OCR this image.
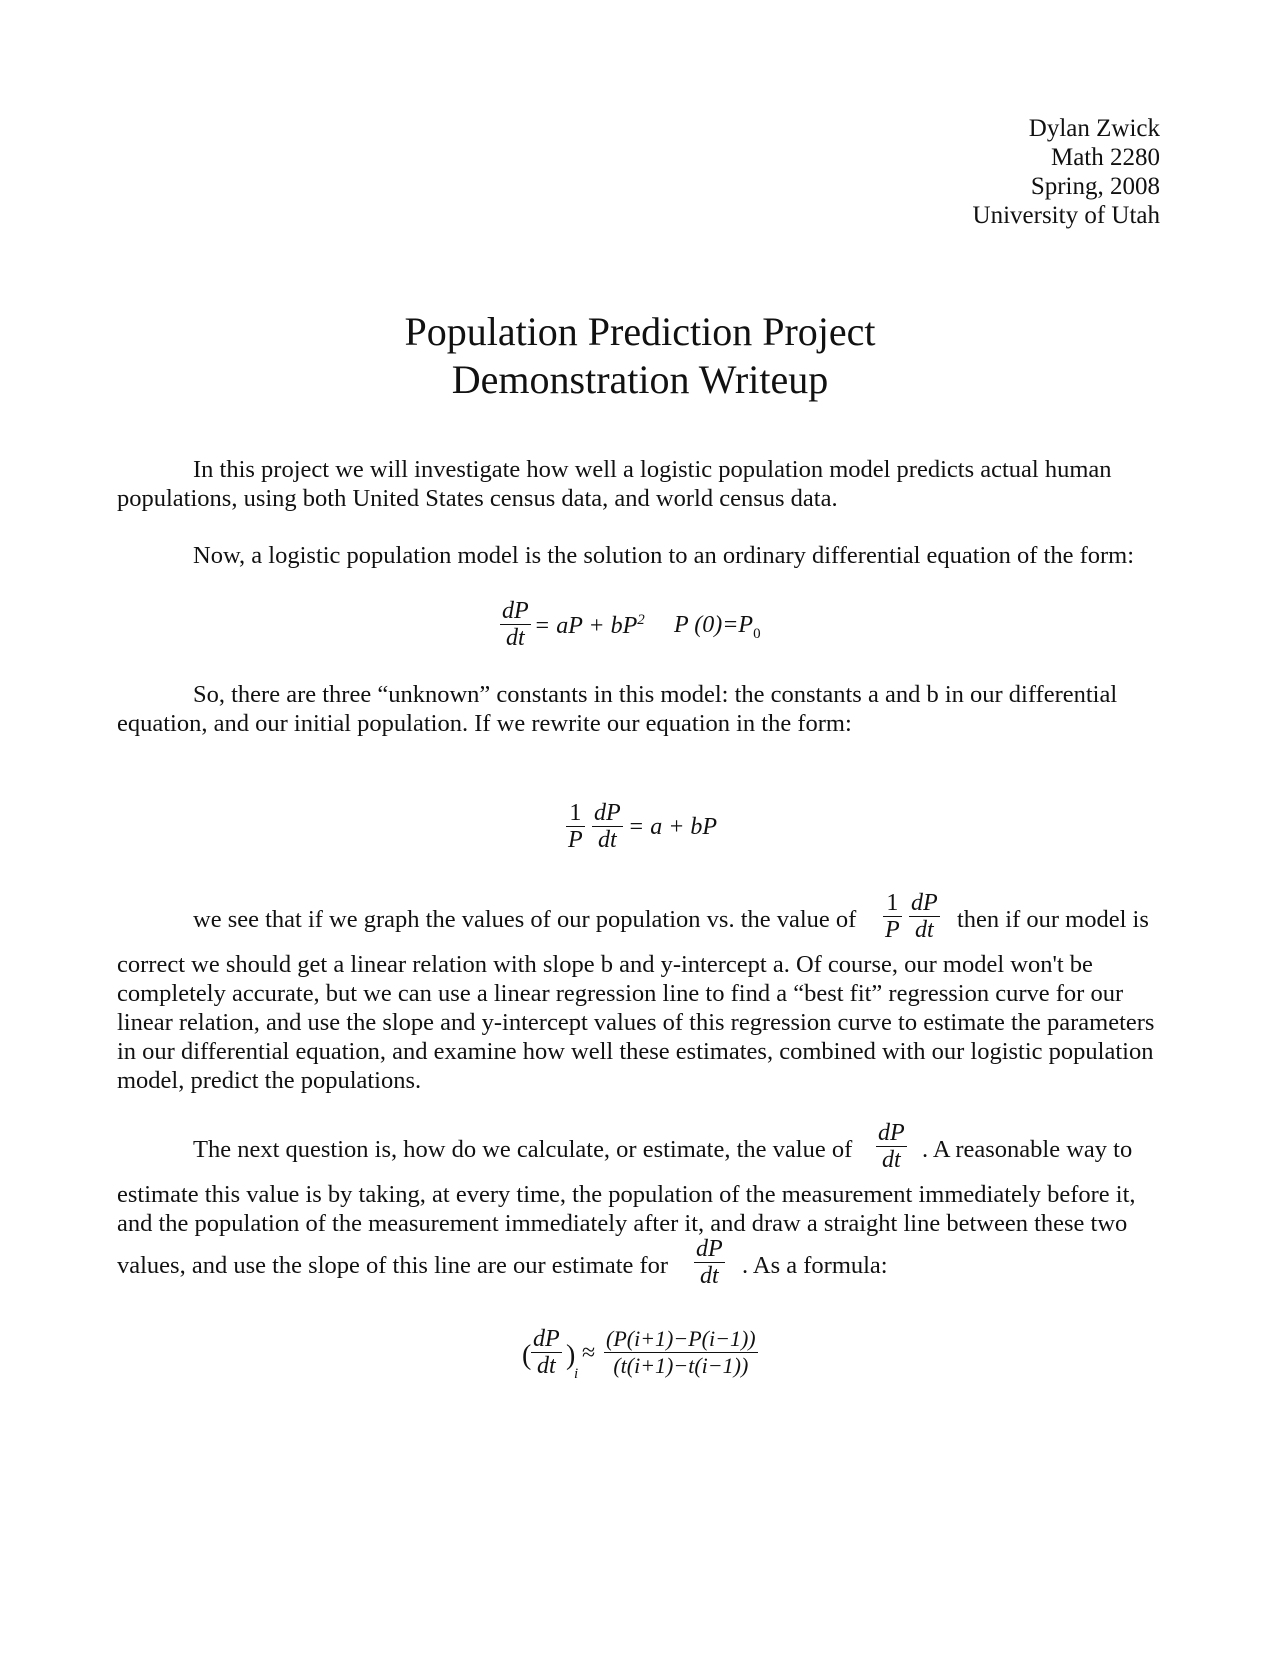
Dylan Zwick
Math 2280
Spring, 2008
University of Utah
Population Prediction Project
Demonstration Writeup
In this project we will investigate how well a logistic population model predicts actual human populations, using both United States census data, and world census data.
Now, a logistic population model is the solution to an ordinary differential equation of the form:
dP
dt = aP + $bP^2$ P $(0)=P_0$
So, there are three “unknown” constants in this model: the constants a and b in our differential equation, and our initial population. If we rewrite our equation in the form:
1
P
dP
dt = a + bP
we see that if we graph the values of our population vs. the value of
1
P
dP
dt then if our model is
correct we should get a linear relation with slope b and y-intercept a. Of course, our model won't be completely accurate, but we can use a linear regression line to find a “best fit” regression curve for our linear relation, and use the slope and y-intercept values of this regression curve to estimate the parameters in our differential equation, and examine how well these estimates, combined with our logistic population model, predict the populations.
The next question is, how do we calculate, or estimate, the value of
dP
dt . A reasonable way to
estimate this value is by taking, at every time, the population of the measurement immediately before it, and the population of the measurement immediately after it, and draw a straight line between these two
values, and use the slope of this line are our estimate for
dP
dt . As a formula:
(
dP
dt )
i
≈
(P(i+1)−P(i−1))
(t(i+1)−t(i−1))
